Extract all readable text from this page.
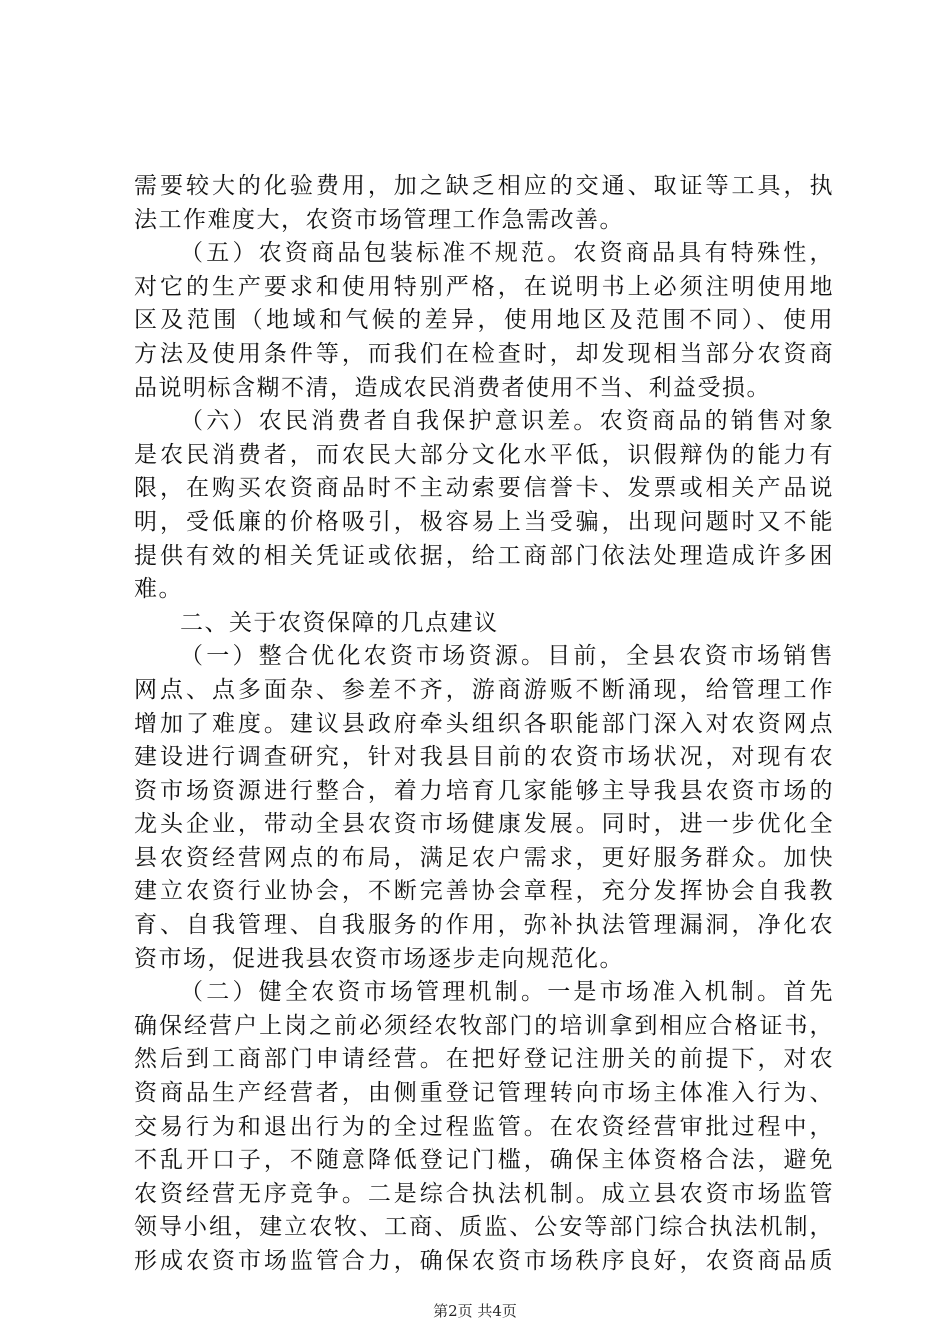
需要较大的化验费用，加之缺乏相应的交通、取证等工具，执
法工作难度大，农资市场管理工作急需改善。
（五）农资商品包装标准不规范。农资商品具有特殊性，
对它的生产要求和使用特别严格，在说明书上必须注明使用地
区及范围（地域和气候的差异，使用地区及范围不同）、使用
方法及使用条件等，而我们在检查时，却发现相当部分农资商
品说明标含糊不清，造成农民消费者使用不当、利益受损。
（六）农民消费者自我保护意识差。农资商品的销售对象
是农民消费者，而农民大部分文化水平低，识假辩伪的能力有
限，在购买农资商品时不主动索要信誉卡、发票或相关产品说
明，受低廉的价格吸引，极容易上当受骗，出现问题时又不能
提供有效的相关凭证或依据，给工商部门依法处理造成许多困
难。
二、关于农资保障的几点建议
（一）整合优化农资市场资源。目前，全县农资市场销售
网点、点多面杂、参差不齐，游商游贩不断涌现，给管理工作
增加了难度。建议县政府牵头组织各职能部门深入对农资网点
建设进行调查研究，针对我县目前的农资市场状况，对现有农
资市场资源进行整合，着力培育几家能够主导我县农资市场的
龙头企业，带动全县农资市场健康发展。同时，进一步优化全
县农资经营网点的布局，满足农户需求，更好服务群众。加快
建立农资行业协会，不断完善协会章程，充分发挥协会自我教
育、自我管理、自我服务的作用，弥补执法管理漏洞，净化农
资市场，促进我县农资市场逐步走向规范化。
（二）健全农资市场管理机制。一是市场准入机制。首先
确保经营户上岗之前必须经农牧部门的培训拿到相应合格证书，
然后到工商部门申请经营。在把好登记注册关的前提下，对农
资商品生产经营者，由侧重登记管理转向市场主体准入行为、
交易行为和退出行为的全过程监管。在农资经营审批过程中，
不乱开口子，不随意降低登记门槛，确保主体资格合法，避免
农资经营无序竞争。二是综合执法机制。成立县农资市场监管
领导小组，建立农牧、工商、质监、公安等部门综合执法机制，
形成农资市场监管合力，确保农资市场秩序良好，农资商品质
第2页 共4页
